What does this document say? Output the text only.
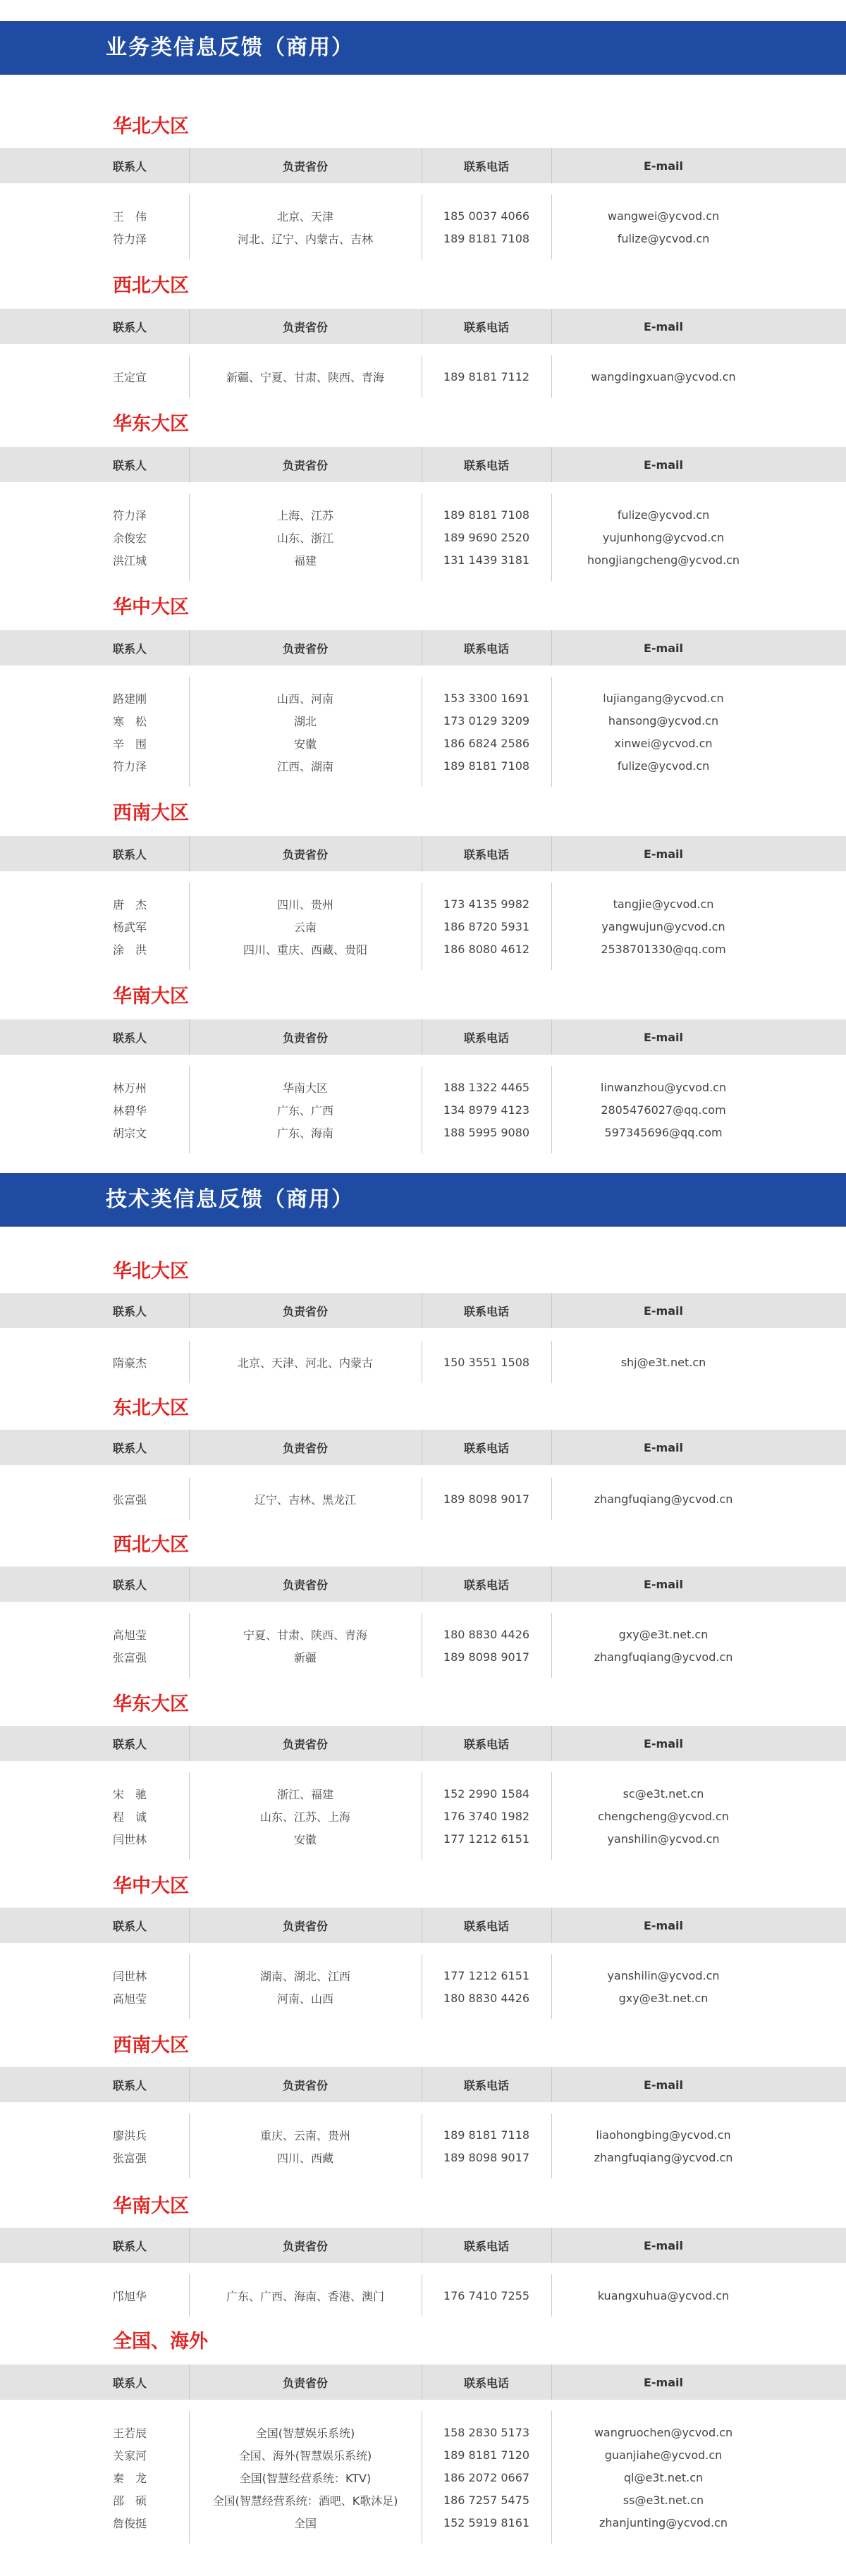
业务类信息反馈（商用）
华北大区
联系人	负责省份	联系电话	E-mail
王　伟	北京、天津	185 0037 4066	wangwei@ycvod.cn
符力泽	河北、辽宁、内蒙古、吉林	189 8181 7108	fulize@ycvod.cn
西北大区
联系人	负责省份	联系电话	E-mail
王定宣	新疆、宁夏、甘肃、陕西、青海	189 8181 7112	wangdingxuan@ycvod.cn
华东大区
联系人	负责省份	联系电话	E-mail
符力泽	上海、江苏	189 8181 7108	fulize@ycvod.cn
余俊宏	山东、浙江	189 9690 2520	yujunhong@ycvod.cn
洪江城	福建	131 1439 3181	hongjiangcheng@ycvod.cn
华中大区
联系人	负责省份	联系电话	E-mail
路建刚	山西、河南	153 3300 1691	lujiangang@ycvod.cn
寒　松	湖北	173 0129 3209	hansong@ycvod.cn
辛　围	安徽	186 6824 2586	xinwei@ycvod.cn
符力泽	江西、湖南	189 8181 7108	fulize@ycvod.cn
西南大区
联系人	负责省份	联系电话	E-mail
唐　杰	四川、贵州	173 4135 9982	tangjie@ycvod.cn
杨武军	云南	186 8720 5931	yangwujun@ycvod.cn
涂　洪	四川、重庆、西藏、贵阳	186 8080 4612	2538701330@qq.com
华南大区
联系人	负责省份	联系电话	E-mail
林万州	华南大区	188 1322 4465	linwanzhou@ycvod.cn
林碧华	广东、广西	134 8979 4123	2805476027@qq.com
胡宗文	广东、海南	188 5995 9080	597345696@qq.com
技术类信息反馈（商用）
华北大区
联系人	负责省份	联系电话	E-mail
隋豪杰	北京、天津、河北、内蒙古	150 3551 1508	shj@e3t.net.cn
东北大区
联系人	负责省份	联系电话	E-mail
张富强	辽宁、吉林、黑龙江	189 8098 9017	zhangfuqiang@ycvod.cn
西北大区
联系人	负责省份	联系电话	E-mail
高旭莹	宁夏、甘肃、陕西、青海	180 8830 4426	gxy@e3t.net.cn
张富强	新疆	189 8098 9017	zhangfuqiang@ycvod.cn
华东大区
联系人	负责省份	联系电话	E-mail
宋　驰	浙江、福建	152 2990 1584	sc@e3t.net.cn
程　诚	山东、江苏、上海	176 3740 1982	chengcheng@ycvod.cn
闫世林	安徽	177 1212 6151	yanshilin@ycvod.cn
华中大区
联系人	负责省份	联系电话	E-mail
闫世林	湖南、湖北、江西	177 1212 6151	yanshilin@ycvod.cn
高旭莹	河南、山西	180 8830 4426	gxy@e3t.net.cn
西南大区
联系人	负责省份	联系电话	E-mail
廖洪兵	重庆、云南、贵州	189 8181 7118	liaohongbing@ycvod.cn
张富强	四川、西藏	189 8098 9017	zhangfuqiang@ycvod.cn
华南大区
联系人	负责省份	联系电话	E-mail
邝旭华	广东、广西、海南、香港、澳门	176 7410 7255	kuangxuhua@ycvod.cn
全国、海外
联系人	负责省份	联系电话	E-mail
王若辰	全国(智慧娱乐系统)	158 2830 5173	wangruochen@ycvod.cn
关家河	全国、海外(智慧娱乐系统)	189 8181 7120	guanjiahe@ycvod.cn
秦　龙	全国(智慧经营系统：KTV)	186 2072 0667	ql@e3t.net.cn
邵　硕	全国(智慧经营系统：酒吧、K歌沐足)	186 7257 5475	ss@e3t.net.cn
詹俊挺	全国	152 5919 8161	zhanjunting@ycvod.cn
